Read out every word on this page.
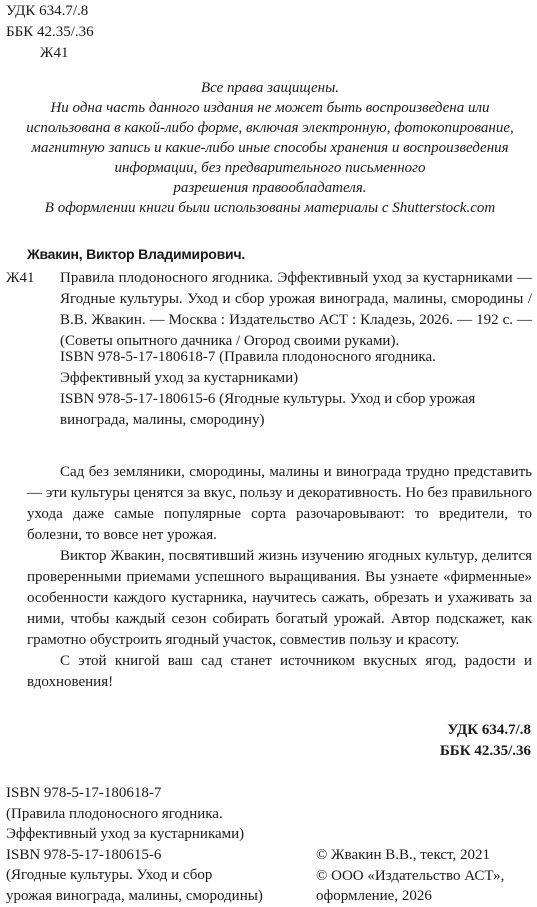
УДК 634.7/.8
ББК 42.35/.36
Ж41
Все права защищены.
Ни одна часть данного издания не может быть воспроизведена или
использована в какой-либо форме, включая электронную, фотокопирование,
магнитную запись и какие-либо иные способы хранения и воспроизведения
информации, без предварительного письменного
разрешения правообладателя.
В оформлении книги были использованы материалы с Shutterstock.com
Жвакин, Виктор Владимирович.
Ж41 Правила плодоносного ягодника. Эффективный уход за кустарниками — Ягодные культуры. Уход и сбор урожая винограда, малины, смородины / В.В. Жвакин. — Москва : Издательство АСТ : Кладезь, 2026. — 192 с. — (Советы опытного дачника / Огород своими руками).
ISBN 978-5-17-180618-7 (Правила плодоносного ягодника.
Эффективный уход за кустарниками)
ISBN 978-5-17-180615-6 (Ягодные культуры. Уход и сбор урожая
винограда, малины, смородину)

Сад без земляники, смородины, малины и винограда трудно представить — эти культуры ценятся за вкус, пользу и декоративность. Но без правильного ухода даже самые популярные сорта разочаровывают: то вредители, то болезни, то вовсе нет урожая.

Виктор Жвакин, посвятивший жизнь изучению ягодных культур, делится проверенными приемами успешного выращивания. Вы узнаете «фирменные» особенности каждого кустарника, научитесь сажать, обрезать и ухаживать за ними, чтобы каждый сезон собирать богатый урожай. Автор подскажет, как грамотно обустроить ягодный участок, совместив пользу и красоту.

С этой книгой ваш сад станет источником вкусных ягод, радости и вдохновения!

УДК 634.7/.8
ББК 42.35/.36
ISBN 978-5-17-180618-7
(Правила плодоносного ягодника.
Эффективный уход за кустарниками)
ISBN 978-5-17-180615-6
(Ягодные культуры. Уход и сбор
урожая винограда, малины, смородины)
© Жвакин В.В., текст, 2021
© ООО «Издательство АСТ»,
оформление, 2026
